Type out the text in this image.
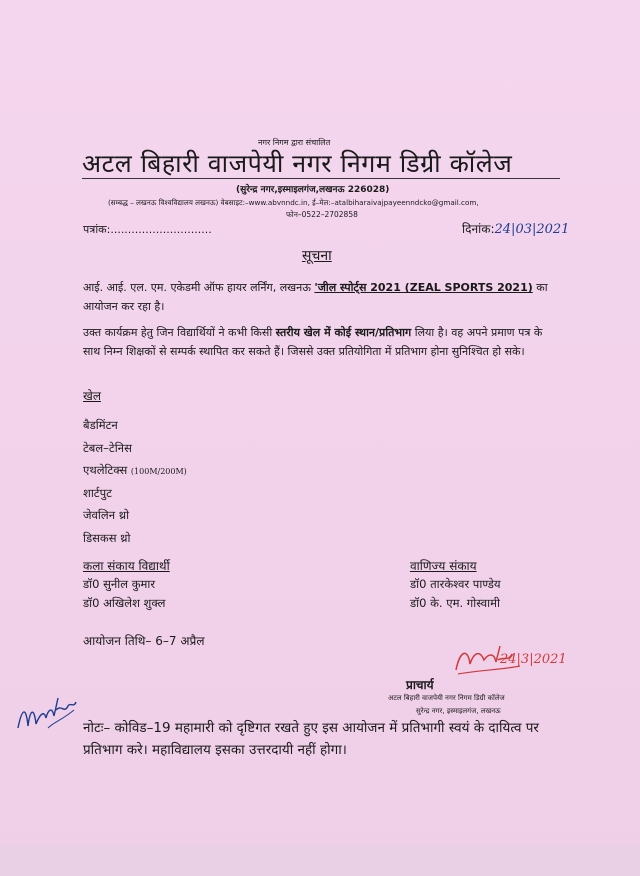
नगर निगम द्वारा संचालित
अटल बिहारी वाजपेयी नगर निगम डिग्री कॉलेज
(सुरेन्द्र नगर,इस्माइलगंज,लखनऊ 226028)
(सम्बद्ध – लखनऊ विश्वविद्यालय लखनऊ) वेबसाइट:–www.abvnndc.in, ई–मेल:–atalbiharaivajpayeenndcko@gmail.com,
फोन–0522–2702858
पत्रांक:.............................	दिनांक:24|03|2021
सूचना
आई. आई. एल. एम. एकेडमी ऑफ हायर लर्निंग, लखनऊ 'जील स्पोर्ट्स 2021 (ZEAL SPORTS 2021) का आयोजन कर रहा है।
उक्त कार्यक्रम हेतु जिन विद्यार्थियों ने कभी किसी स्तरीय खेल में कोई स्थान/प्रतिभाग लिया है। वह अपने प्रमाण पत्र के साथ निम्न शिक्षकों से सम्पर्क स्थापित कर सकते हैं। जिससे उक्त प्रतियोगिता में प्रतिभाग होना सुनिश्चित हो सके।
खेल
बैडमिंटन
टेबल–टेनिस
एथलेटिक्स (100M/200M)
शार्टपुट
जेवलिन थ्रो
डिसकस थ्रो
कला संकाय विद्यार्थी
डॉ0 सुनील कुमार
डॉ0 अखिलेश शुक्ल
वाणिज्य संकाय
डॉ0 तारकेश्वर पाण्डेय
डॉ0 के. एम. गोस्वामी
आयोजन तिथि– 6–7 अप्रैल
24|3|2021
प्राचार्य
अटल बिहारी वाजपेयी नगर निगम डिग्री कॉलेज
सुरेन्द्र नगर, इस्माइलगंज, लखनऊ
नोटः– कोविड–19 महामारी को दृष्टिगत रखते हुए इस आयोजन में प्रतिभागी स्वयं के दायित्व पर प्रतिभाग करे। महाविद्यालय इसका उत्तरदायी नहीं होगा।
